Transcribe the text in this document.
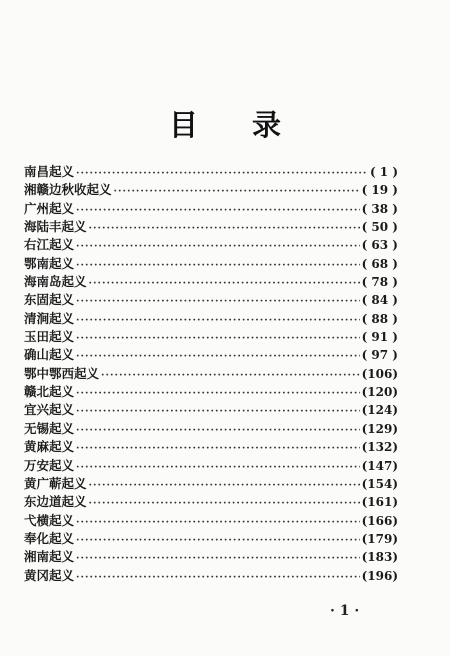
目 录
南昌起义 ·····	( 1 )
湘赣边秋收起义 ·····	( 19 )
广州起义 ·····	( 38 )
海陆丰起义 ·····	( 50 )
右江起义 ·····	( 63 )
鄂南起义 ·····	( 68 )
海南岛起义 ·····	( 78 )
东固起义 ·····	( 84 )
清涧起义 ·····	( 88 )
玉田起义 ·····	( 91 )
确山起义 ·····	( 97 )
鄂中鄂西起义 ·····	(106)
赣北起义 ·····	(120)
宜兴起义 ·····	(124)
无锡起义 ·····	(129)
黄麻起义 ·····	(132)
万安起义 ·····	(147)
黄广蕲起义 ·····	(154)
东边道起义 ·····	(161)
弋横起义 ·····	(166)
奉化起义 ·····	(179)
湘南起义 ·····	(183)
黄冈起义 ·····	(196)
· 1 ·
